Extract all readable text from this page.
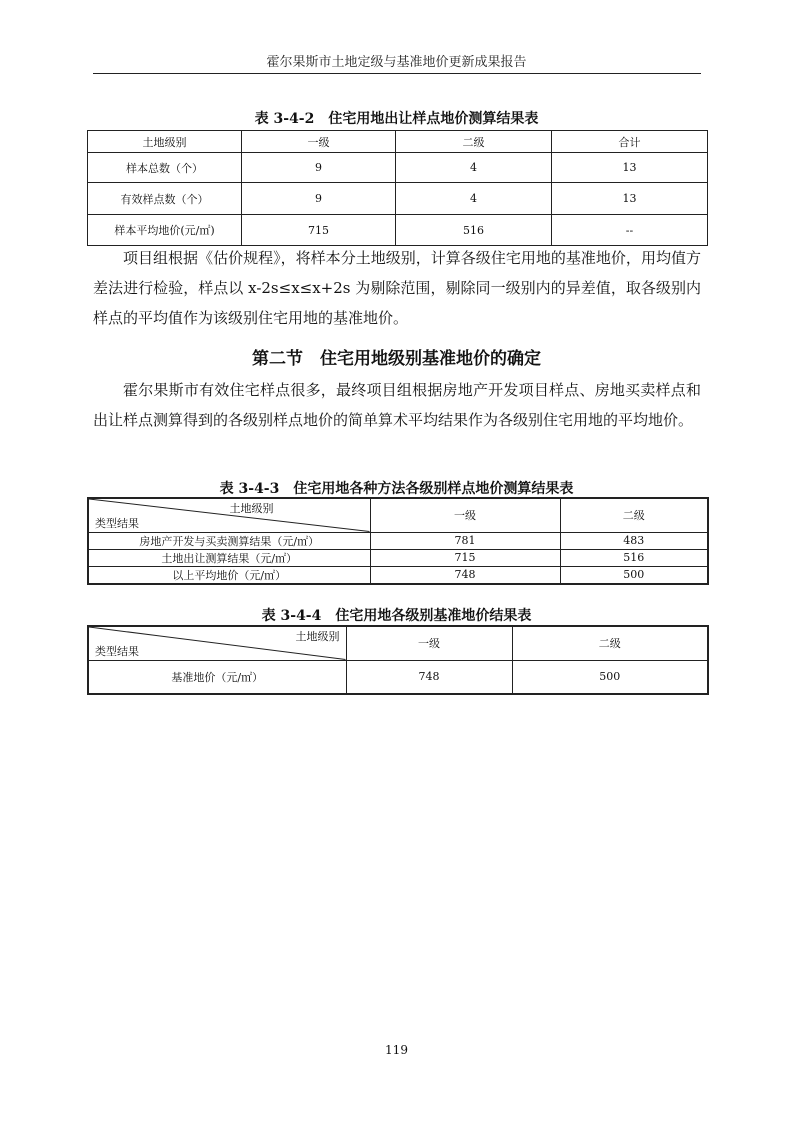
霍尔果斯市土地定级与基准地价更新成果报告
表 3-4-2　住宅用地出让样点地价测算结果表
土地级别	一级	二级	合计
样本总数（个）	9	4	13
有效样点数（个）	9	4	13
样本平均地价(元/㎡)	715	516	--

项目组根据《估价规程》，将样本分土地级别，计算各级住宅用地的基准地价，用均值方差法进行检验，样点以 x-2s≤x≤x+2s 为剔除范围，剔除同一级别内的异差值，取各级别内样点的平均值作为该级别住宅用地的基准地价。

第二节　住宅用地级别基准地价的确定

霍尔果斯市有效住宅样点很多，最终项目组根据房地产开发项目样点、房地买卖样点和出让样点测算得到的各级别样点地价的简单算术平均结果作为各级别住宅用地的平均地价。

表 3-4-3　住宅用地各种方法各级别样点地价测算结果表
土地级别
类型结果	一级	二级
房地产开发与买卖测算结果（元/㎡）	781	483
土地出让测算结果（元/㎡）	715	516
以上平均地价（元/㎡）	748	500
表 3-4-4　住宅用地各级别基准地价结果表
土地级别
类型结果	一级	二级
基准地价（元/㎡）	748	500
119
